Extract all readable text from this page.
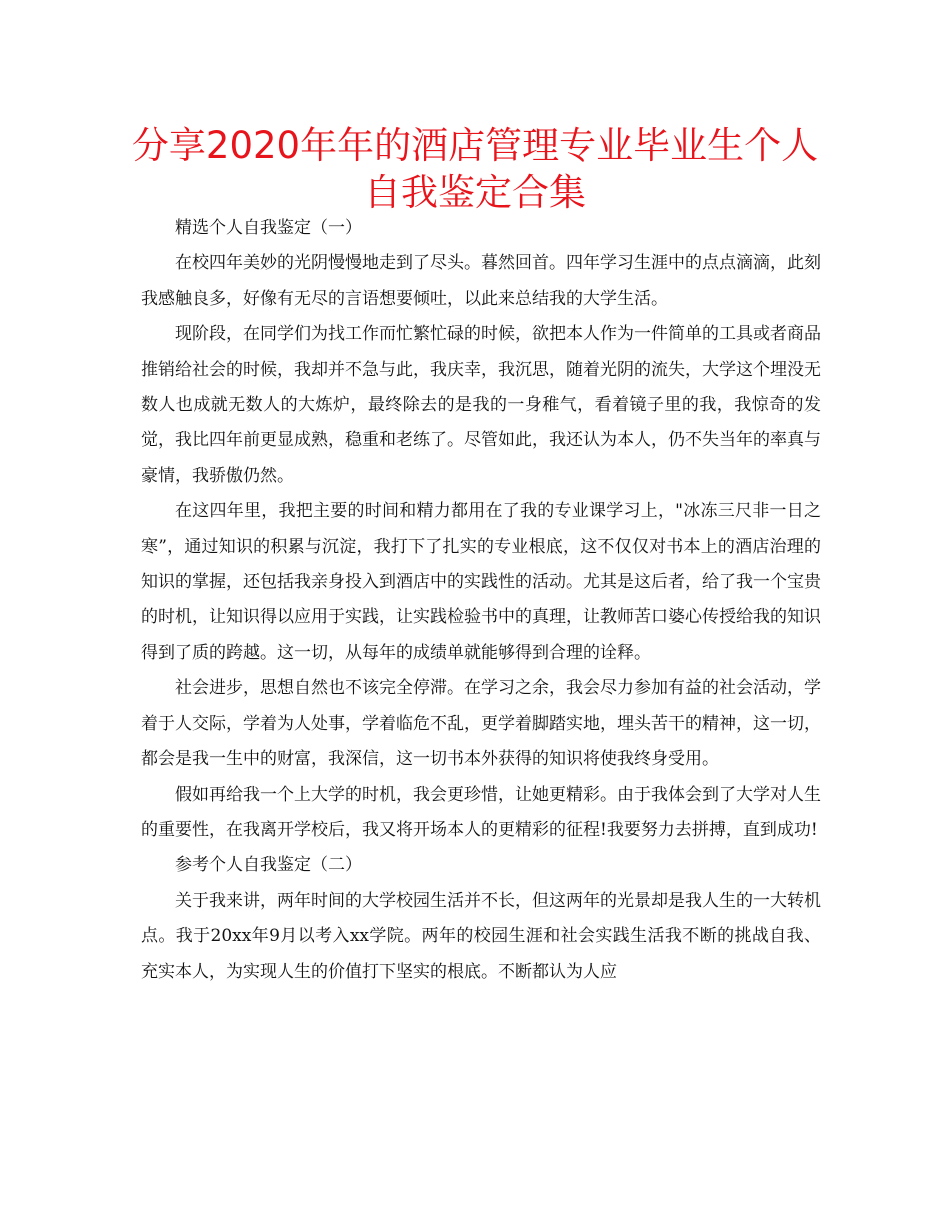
分享2020年年的酒店管理专业毕业生个人自我鉴定合集

精选个人自我鉴定（一）

在校四年美妙的光阴慢慢地走到了尽头。暮然回首。四年学习生涯中的点点滴滴，此刻我感触良多，好像有无尽的言语想要倾吐，以此来总结我的大学生活。

现阶段，在同学们为找工作而忙繁忙碌的时候，欲把本人作为一件简单的工具或者商品推销给社会的时候，我却并不急与此，我庆幸，我沉思，随着光阴的流失，大学这个埋没无数人也成就无数人的大炼炉，最终除去的是我的一身稚气，看着镜子里的我，我惊奇的发觉，我比四年前更显成熟，稳重和老练了。尽管如此，我还认为本人，仍不失当年的率真与豪情，我骄傲仍然。

在这四年里，我把主要的时间和精力都用在了我的专业课学习上，"冰冻三尺非一日之寒”，通过知识的积累与沉淀，我打下了扎实的专业根底，这不仅仅对书本上的酒店治理的知识的掌握，还包括我亲身投入到酒店中的实践性的活动。尤其是这后者，给了我一个宝贵的时机，让知识得以应用于实践，让实践检验书中的真理，让教师苦口婆心传授给我的知识得到了质的跨越。这一切，从每年的成绩单就能够得到合理的诠释。

社会进步，思想自然也不该完全停滞。在学习之余，我会尽力参加有益的社会活动，学着于人交际，学着为人处事，学着临危不乱，更学着脚踏实地，埋头苦干的精神，这一切，都会是我一生中的财富，我深信，这一切书本外获得的知识将使我终身受用。

假如再给我一个上大学的时机，我会更珍惜，让她更精彩。由于我体会到了大学对人生的重要性，在我离开学校后，我又将开场本人的更精彩的征程!我要努力去拼搏，直到成功!

参考个人自我鉴定（二）

关于我来讲，两年时间的大学校园生活并不长，但这两年的光景却是我人生的一大转机点。我于20xx年9月以考入xx学院。两年的校园生涯和社会实践生活我不断的挑战自我、充实本人，为实现人生的价值打下坚实的根底。不断都认为人应
